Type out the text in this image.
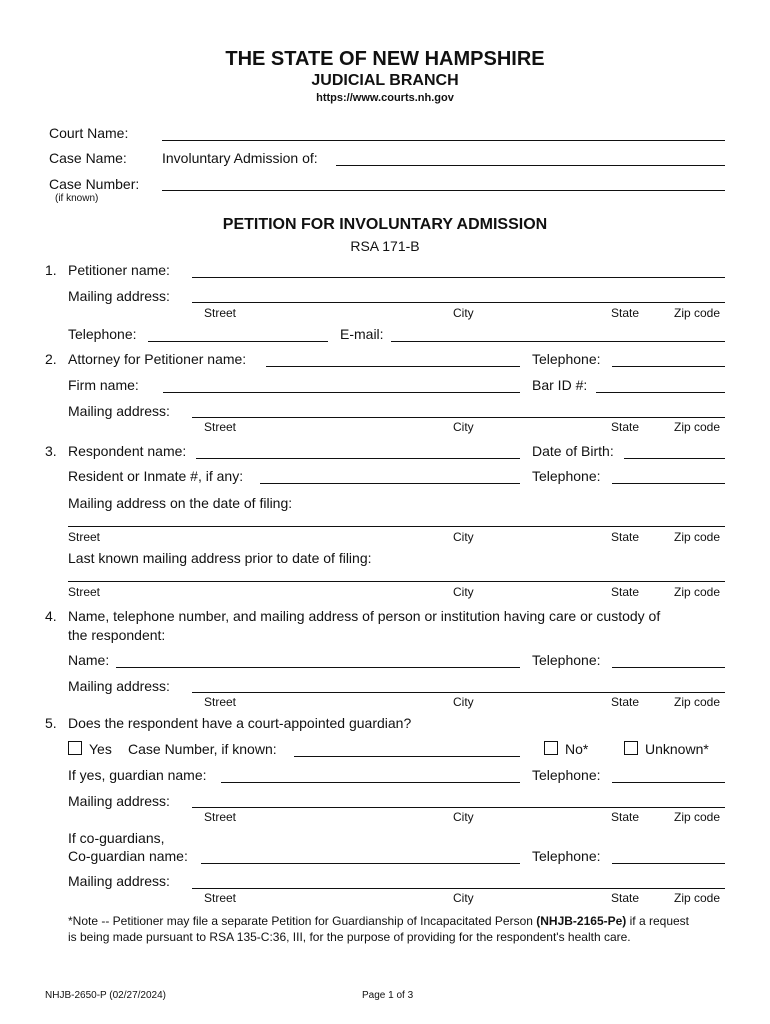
THE STATE OF NEW HAMPSHIRE
JUDICIAL BRANCH
https://www.courts.nh.gov
Court Name:
Case Name:	Involuntary Admission of:
Case Number:
(if known)
PETITION FOR INVOLUNTARY ADMISSION
RSA 171-B
1. Petitioner name:
Mailing address:
Street	City	State	Zip code
Telephone:	E-mail:
2. Attorney for Petitioner name:	Telephone:
Firm name:	Bar ID #:
Mailing address:
Street	City	State	Zip code
3. Respondent name:	Date of Birth:
Resident or Inmate #, if any:	Telephone:
Mailing address on the date of filing:
Street	City	State	Zip code
Last known mailing address prior to date of filing:
Street	City	State	Zip code
4. Name, telephone number, and mailing address of person or institution having care or custody of
the respondent:
Name:	Telephone:
Mailing address:
Street	City	State	Zip code
5. Does the respondent have a court-appointed guardian?
Yes Case Number, if known:	No*	Unknown*
If yes, guardian name:	Telephone:
Mailing address:
Street	City	State	Zip code
If co-guardians,
Co-guardian name:	Telephone:
Mailing address:
Street	City	State	Zip code
*Note -- Petitioner may file a separate Petition for Guardianship of Incapacitated Person (NHJB-2165-Pe) if a request
is being made pursuant to RSA 135-C:36, III, for the purpose of providing for the respondent's health care.
NHJB-2650-P (02/27/2024)	Page 1 of 3
